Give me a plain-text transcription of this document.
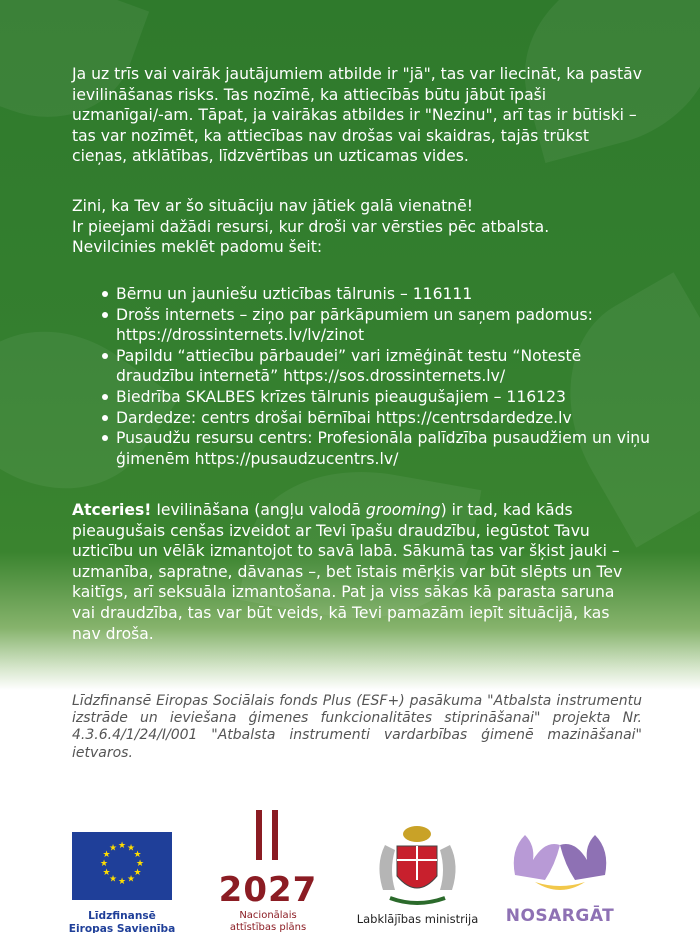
Ja uz trīs vai vairāk jautājumiem atbilde ir "jā", tas var liecināt, ka pastāv ievilināšanas risks. Tas nozīmē, ka attiecībās būtu jābūt īpaši uzmanīgai/-am. Tāpat, ja vairākas atbildes ir "Nezinu", arī tas ir būtiski – tas var nozīmēt, ka attiecības nav drošas vai skaidras, tajās trūkst cieņas, atklātības, līdzvērtības un uzticamas vides.
Zini, ka Tev ar šo situāciju nav jātiek galā vienatnē!
Ir pieejami dažādi resursi, kur droši var vērsties pēc atbalsta.
Nevilcinies meklēt padomu šeit:
Bērnu un jauniešu uzticības tālrunis – 116111
Drošs internets – ziņo par pārkāpumiem un saņem padomus: https://drossinternets.lv/lv/zinot
Papildu “attiecību pārbaudei” vari izmēģināt testu “Notestē draudzību internetā” https://sos.drossinternets.lv/
Biedrība SKALBES krīzes tālrunis pieaugušajiem – 116123
Dardedze: centrs drošai bērnībai https://centrsdardedze.lv
Pusaudžu resursu centrs: Profesionāla palīdzība pusaudžiem un viņu ģimenēm https://pusaudzucentrs.lv/
Atceries! Ievilināšana (angļu valodā grooming) ir tad, kad kāds pieaugušais cenšas izveidot ar Tevi īpašu draudzību, iegūstot Tavu uzticību un vēlāk izmantojot to savā labā. Sākumā tas var šķist jauki – uzmanība, sapratne, dāvanas –, bet īstais mērķis var būt slēpts un Tev kaitīgs, arī seksuāla izmantošana. Pat ja viss sākas kā parasta saruna vai draudzība, tas var būt veids, kā Tevi pamazām iepīt situācijā, kas nav droša.
Līdzfinansē Eiropas Sociālais fonds Plus (ESF+) pasākuma "Atbalsta instrumentu izstrāde un ieviešana ģimenes funkcionalitātes stiprināšanai" projekta Nr. 4.3.6.4/1/24/I/001 "Atbalsta instrumenti vardarbības ģimenē mazināšanai" ietvaros.
★ ★
★
★
★
★
★
★
★
★
★
★
Līdzfinansē
Eiropas Savienība
2027
Nacionālais
attīstības plāns
Labklājības ministrija NOSARGĀT
